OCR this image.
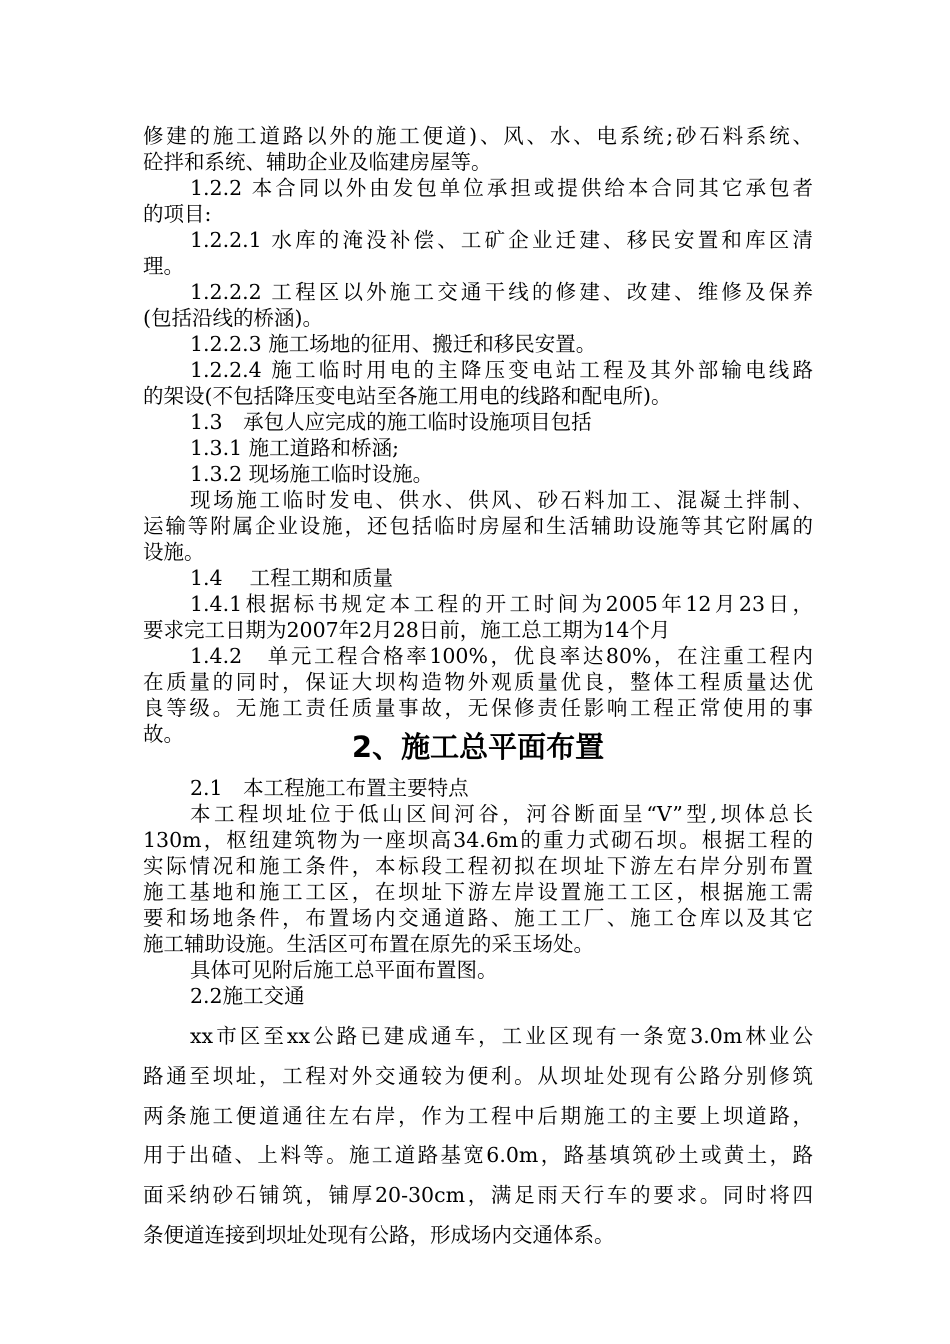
修建的施工道路以外的施工便道)、风、水、电系统;砂石料系统、
砼拌和系统、辅助企业及临建房屋等。
1.2.2 本合同以外由发包单位承担或提供给本合同其它承包者
的项目:
1.2.2.1 水库的淹没补偿、工矿企业迁建、移民安置和库区清
理。
1.2.2.2 工程区以外施工交通干线的修建、改建、维修及保养
(包括沿线的桥涵)。
1.2.2.3 施工场地的征用、搬迁和移民安置。
1.2.2.4 施工临时用电的主降压变电站工程及其外部输电线路
的架设(不包括降压变电站至各施工用电的线路和配电所)。
1.3　承包人应完成的施工临时设施项目包括
1.3.1 施工道路和桥涵;
1.3.2 现场施工临时设施。
现场施工临时发电、供水、供风、砂石料加工、混凝土拌制、
运输等附属企业设施，还包括临时房屋和生活辅助设施等其它附属的
设施。
1.4　 工程工期和质量
1.4.1根据标书规定本工程的开工时间为2005年12月23日，
要求完工日期为2007年2月28日前，施工总工期为14个月
1.4.2　单元工程合格率100%，优良率达80%，在注重工程内
在质量的同时，保证大坝构造物外观质量优良，整体工程质量达优
良等级。无施工责任质量事故，无保修责任影响工程正常使用的事
故。	2、施工总平面布置
2.1　本工程施工布置主要特点
本工程坝址位于低山区间河谷，河谷断面呈“V”型,坝体总长
130m，枢纽建筑物为一座坝高34.6m的重力式砌石坝。根据工程的
实际情况和施工条件，本标段工程初拟在坝址下游左右岸分别布置
施工基地和施工工区，在坝址下游左岸设置施工工区，根据施工需
要和场地条件，布置场内交通道路、施工工厂、施工仓库以及其它
施工辅助设施。生活区可布置在原先的采玉场处。
具体可见附后施工总平面布置图。
2.2施工交通
xx市区至xx公路已建成通车，工业区现有一条宽3.0m林业公
路通至坝址，工程对外交通较为便利。从坝址处现有公路分别修筑
两条施工便道通往左右岸，作为工程中后期施工的主要上坝道路，
用于出碴、上料等。施工道路基宽6.0m，路基填筑砂土或黄土，路
面采纳砂石铺筑，铺厚20-30cm，满足雨天行车的要求。同时将四
条便道连接到坝址处现有公路，形成场内交通体系。
